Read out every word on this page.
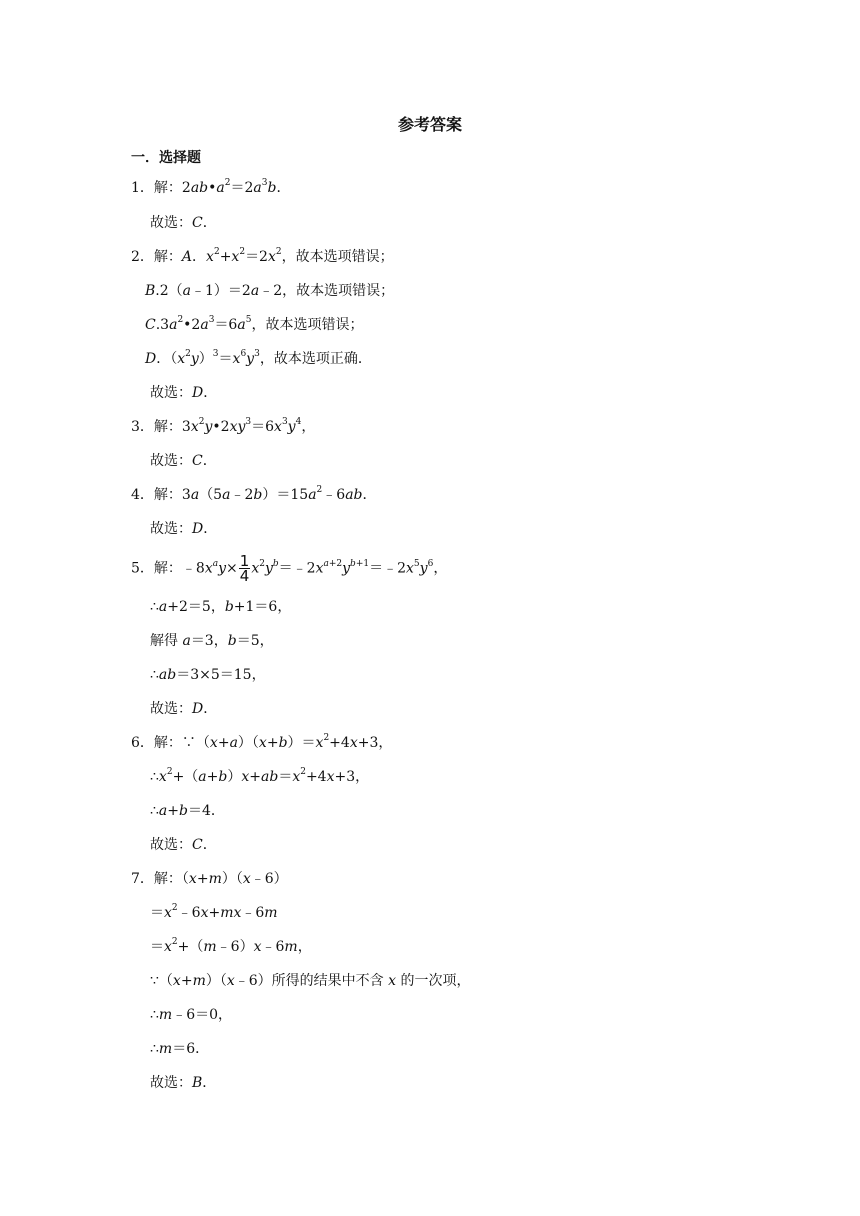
参考答案
一．选择题
1．解：$2ab•a^2=2a^3b$．
故选：C．
2．解：A．$x^2+x^2=2x^2$，故本选项错误；
B.2（a﹣1）＝2a﹣2，故本选项错误；
$C.3a^2•2a^3=6a^5$，故本选项错误；
D．$(x^2y)^3=x^6y^3$，故本选项正确．
故选：D．
3．解：$3x^2y•2xy^3=6x^3y^4$，
故选：C．
4．解：$3a(5a﹣2b)=15a^2﹣6ab$．
故选：D．
5．解：$﹣8x^ay\times \frac{1}{4}$ $x^2y^b=﹣2x^{a+2}y^{b+1}=﹣2x^5y^6$，
∴a+2＝5，b+1＝6，
解得 a＝3，b＝5，
∴ab＝3×5＝15，
故选：D．
6．解：$\because(x+a)(x+b)=x^2+4x+3$，
$\therefore x^2+(a+b)x+ab=x^2+4x+3$，
∴a+b＝4．
故选：C．
7．解：（x+m）（x﹣6）
$=x^2﹣6x+mx﹣6m$
$=x^2+(m﹣6)x﹣6m$，
∵（x+m）（x﹣6）所得的结果中不含 x 的一次项，
∴m﹣6＝0，
∴m＝6．
故选：B．
